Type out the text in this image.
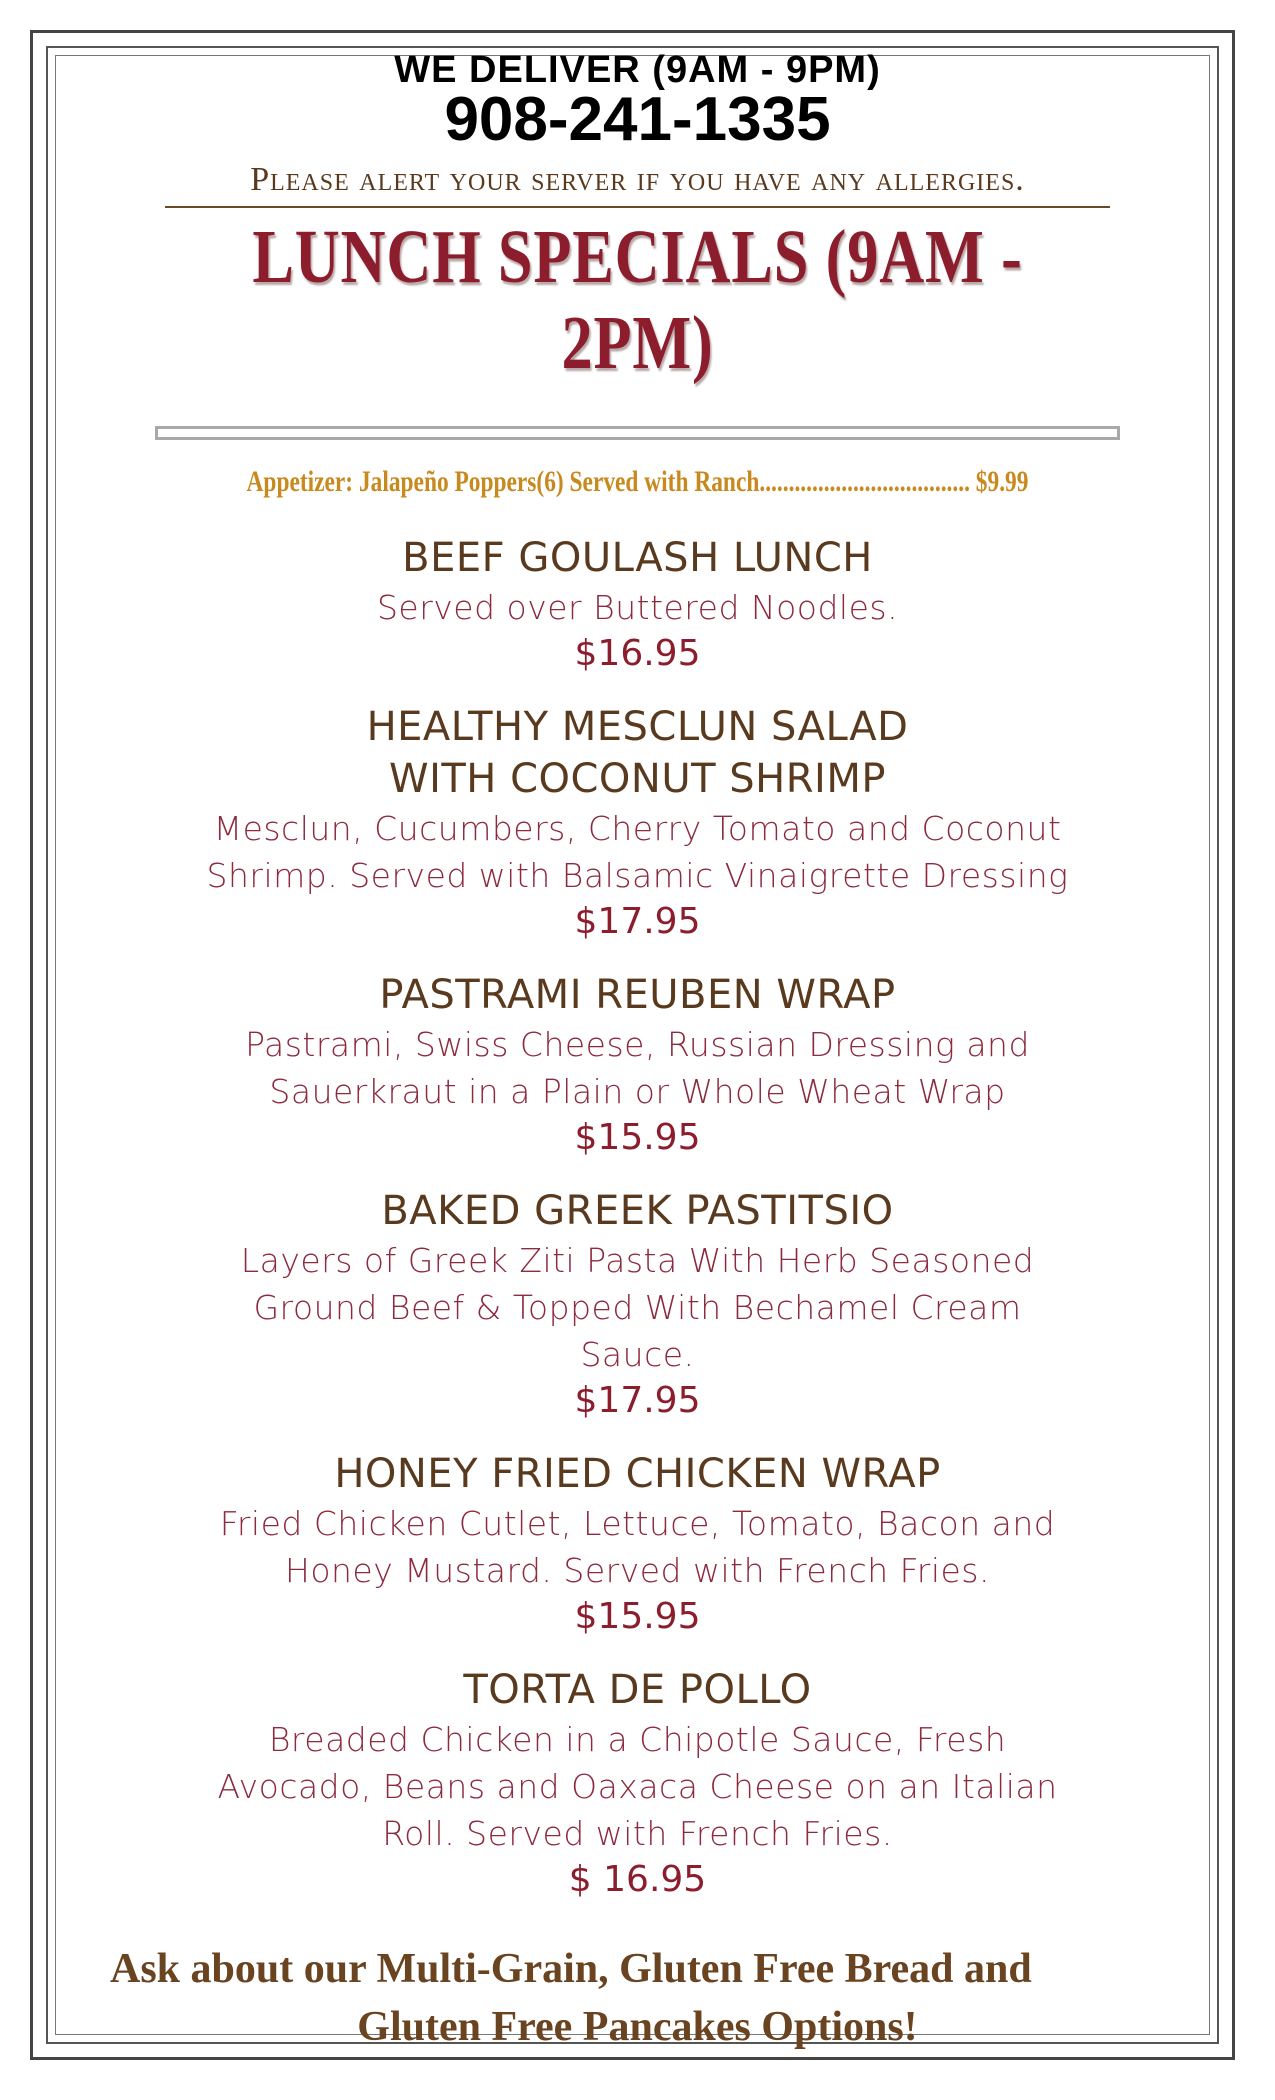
WE DELIVER (9AM - 9PM)

908-241-1335

Please alert your server if you have any allergies.

LUNCH SPECIALS (9AM - 2PM)

Appetizer: Jalapeño Poppers(6) Served with Ranch.................................... $9.99

BEEF GOULASH LUNCH

Served over Buttered Noodles.

$16.95

HEALTHY MESCLUN SALAD WITH COCONUT SHRIMP

Mesclun, Cucumbers, Cherry Tomato and Coconut

Shrimp. Served with Balsamic Vinaigrette Dressing

$17.95

PASTRAMI REUBEN WRAP

Pastrami, Swiss Cheese, Russian Dressing and

Sauerkraut in a Plain or Whole Wheat Wrap

$15.95

BAKED GREEK PASTITSIO

Layers of Greek Ziti Pasta With Herb Seasoned

Ground Beef & Topped With Bechamel Cream

Sauce.

$17.95

HONEY FRIED CHICKEN WRAP

Fried Chicken Cutlet, Lettuce, Tomato, Bacon and

Honey Mustard. Served with French Fries.

$15.95

TORTA DE POLLO

Breaded Chicken in a Chipotle Sauce, Fresh

Avocado, Beans and Oaxaca Cheese on an Italian

Roll. Served with French Fries.

$ 16.95

Ask about our Multi-Grain, Gluten Free Bread and
Gluten Free Pancakes Options!
